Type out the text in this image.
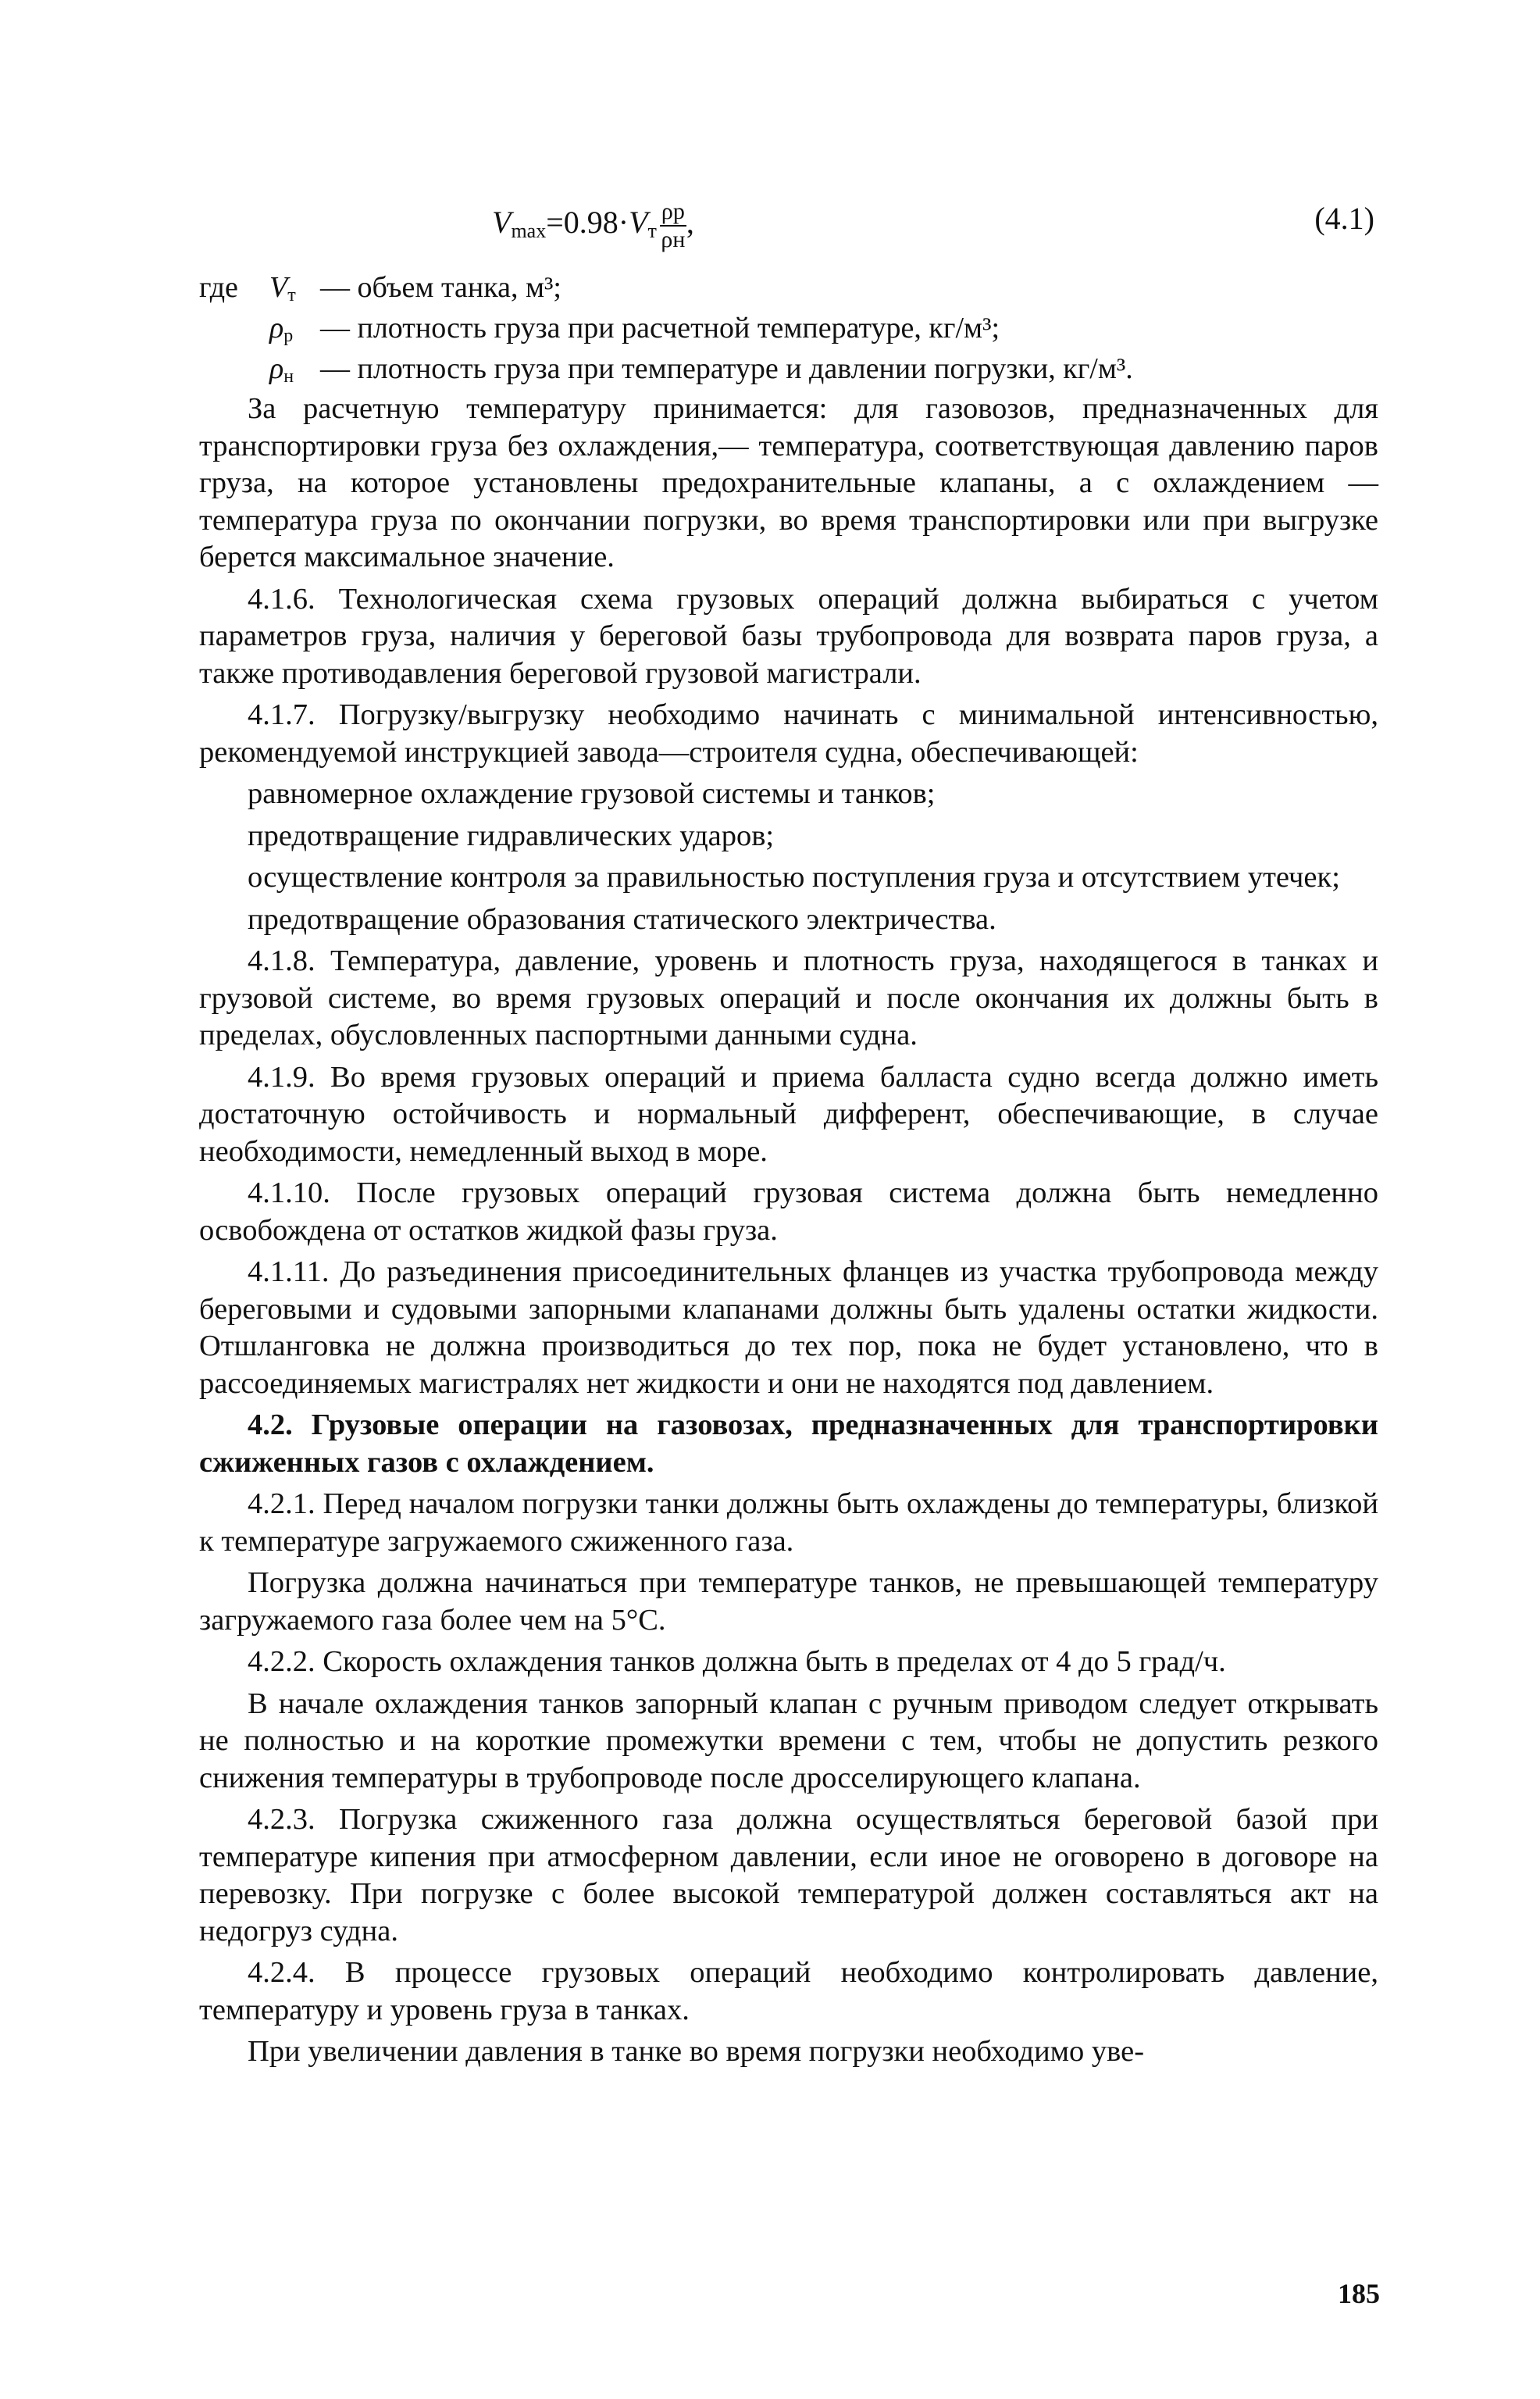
$V_{max}=0.98\cdot V_т \frac{\rho p}{\rho н}$ ,	(4.1)
где $V_т$ — объем танка, м³;
$\rho_p$ — плотность груза при расчетной температуре, кг/м³;
$\rho_н$ — плотность груза при температуре и давлении погрузки, кг/м³.

За расчетную температуру принимается: для газовозов, предназначенных для транспортировки груза без охлаждения,— температура, соответствующая давлению паров груза, на которое установлены предохранительные клапаны, а с охлаждением — температура груза по окончании погрузки, во время транспортировки или при выгрузке берется максимальное значение.

4.1.6. Технологическая схема грузовых операций должна выбираться с учетом параметров груза, наличия у береговой базы трубопровода для возврата паров груза, а также противодавления береговой грузовой магистрали.

4.1.7. Погрузку/выгрузку необходимо начинать с минимальной интенсивностью, рекомендуемой инструкцией завода—строителя судна, обеспечивающей:

равномерное охлаждение грузовой системы и танков;

предотвращение гидравлических ударов;

осуществление контроля за правильностью поступления груза и отсутствием утечек;

предотвращение образования статического электричества.

4.1.8. Температура, давление, уровень и плотность груза, находящегося в танках и грузовой системе, во время грузовых операций и после окончания их должны быть в пределах, обусловленных паспортными данными судна.

4.1.9. Во время грузовых операций и приема балласта судно всегда должно иметь достаточную остойчивость и нормальный дифферент, обеспечивающие, в случае необходимости, немедленный выход в море.

4.1.10. После грузовых операций грузовая система должна быть немедленно освобождена от остатков жидкой фазы груза.

4.1.11. До разъединения присоединительных фланцев из участка трубопровода между береговыми и судовыми запорными клапанами должны быть удалены остатки жидкости. Отшланговка не должна производиться до тех пор, пока не будет установлено, что в рассоединяемых магистралях нет жидкости и они не находятся под давлением.

4.2. Грузовые операции на газовозах, предназначенных для транспортировки сжиженных газов с охлаждением.

4.2.1. Перед началом погрузки танки должны быть охлаждены до температуры, близкой к температуре загружаемого сжиженного газа.

Погрузка должна начинаться при температуре танков, не превышающей температуру загружаемого газа более чем на 5°С.

4.2.2. Скорость охлаждения танков должна быть в пределах от 4 до 5 град/ч.

В начале охлаждения танков запорный клапан с ручным приводом следует открывать не полностью и на короткие промежутки времени с тем, чтобы не допустить резкого снижения температуры в трубопроводе после дросселирующего клапана.

4.2.3. Погрузка сжиженного газа должна осуществляться береговой базой при температуре кипения при атмосферном давлении, если иное не оговорено в договоре на перевозку. При погрузке с более высокой температурой должен составляться акт на недогруз судна.

4.2.4. В процессе грузовых операций необходимо контролировать давление, температуру и уровень груза в танках.

При увеличении давления в танке во время погрузки необходимо уве-

185
